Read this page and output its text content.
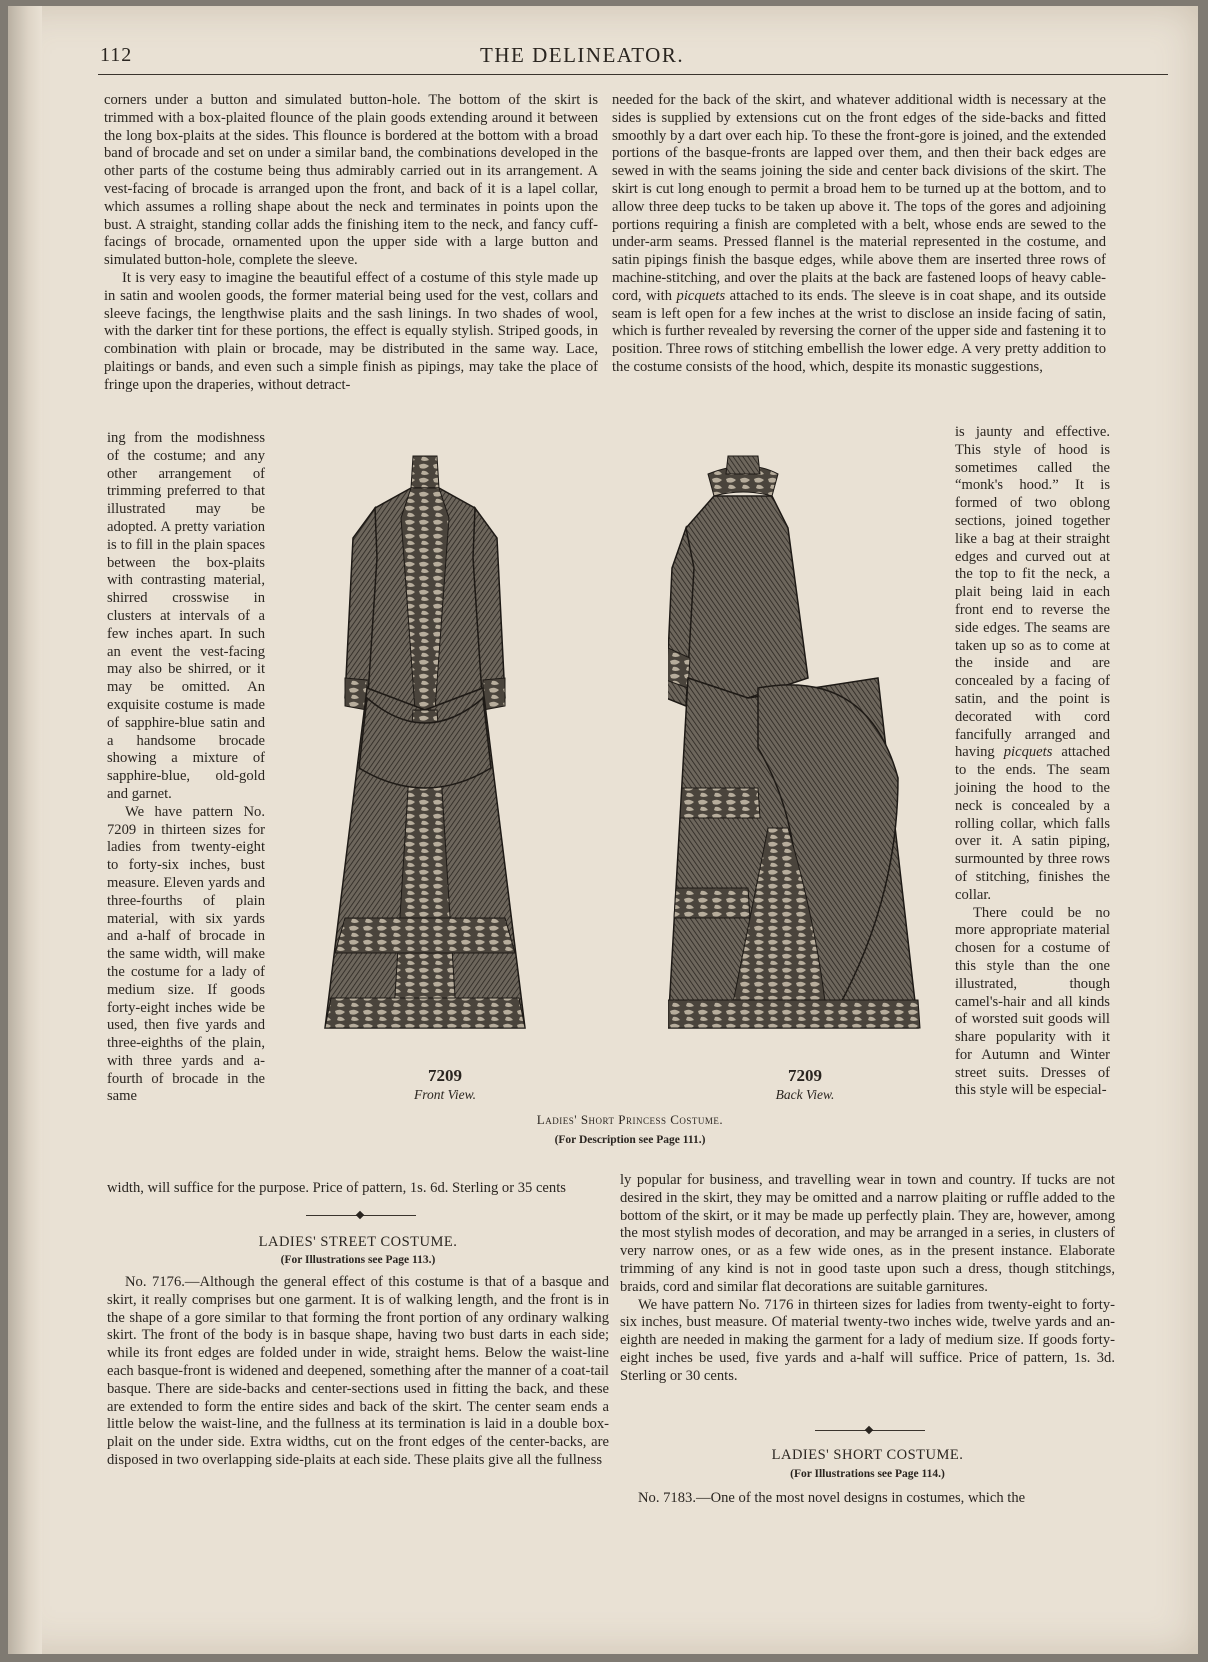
112	THE DELINEATOR.

corners under a button and simulated button-hole. The bottom of the skirt is trimmed with a box-plaited flounce of the plain goods extending around it between the long box-plaits at the sides. This flounce is bordered at the bottom with a broad band of brocade and set on under a similar band, the combinations developed in the other parts of the costume being thus admirably carried out in its arrangement. A vest-facing of brocade is arranged upon the front, and back of it is a lapel collar, which assumes a rolling shape about the neck and terminates in points upon the bust. A straight, standing collar adds the finishing item to the neck, and fancy cuff-facings of brocade, ornamented upon the upper side with a large button and simulated button-hole, complete the sleeve.

It is very easy to imagine the beautiful effect of a costume of this style made up in satin and woolen goods, the former material being used for the vest, collars and sleeve facings, the lengthwise plaits and the sash linings. In two shades of wool, with the darker tint for these portions, the effect is equally stylish. Striped goods, in combination with plain or brocade, may be distributed in the same way. Lace, plaitings or bands, and even such a simple finish as pipings, may take the place of fringe upon the draperies, without detract-

ing from the modishness of the costume; and any other arrangement of trimming preferred to that illustrated may be adopted. A pretty variation is to fill in the plain spaces between the box-plaits with contrasting material, shirred crosswise in clusters at intervals of a few inches apart. In such an event the vest-facing may also be shirred, or it may be omitted. An exquisite costume is made of sapphire-blue satin and a handsome brocade showing a mixture of sapphire-blue, old-gold and garnet.

We have pattern No. 7209 in thirteen sizes for ladies from twenty-eight to forty-six inches, bust measure. Eleven yards and three-fourths of plain material, with six yards and a-half of brocade in the same width, will make the costume for a lady of medium size. If goods forty-eight inches wide be used, then five yards and three-eighths of the plain, with three yards and a-fourth of brocade in the same

width, will suffice for the purpose. Price of pattern, 1s. 6d. Sterling or 35 cents

needed for the back of the skirt, and whatever additional width is necessary at the sides is supplied by extensions cut on the front edges of the side-backs and fitted smoothly by a dart over each hip. To these the front-gore is joined, and the extended portions of the basque-fronts are lapped over them, and then their back edges are sewed in with the seams joining the side and center back divisions of the skirt. The skirt is cut long enough to permit a broad hem to be turned up at the bottom, and to allow three deep tucks to be taken up above it. The tops of the gores and adjoining portions requiring a finish are completed with a belt, whose ends are sewed to the under-arm seams. Pressed flannel is the material represented in the costume, and satin pipings finish the basque edges, while above them are inserted three rows of machine-stitching, and over the plaits at the back are fastened loops of heavy cable-cord, with picquets attached to its ends. The sleeve is in coat shape, and its outside seam is left open for a few inches at the wrist to disclose an inside facing of satin, which is further revealed by reversing the corner of the upper side and fastening it to position. Three rows of stitching embellish the lower edge. A very pretty addition to the costume consists of the hood, which, despite its monastic suggestions,

is jaunty and effective. This style of hood is sometimes called the “monk's hood.” It is formed of two oblong sections, joined together like a bag at their straight edges and curved out at the top to fit the neck, a plait being laid in each front end to reverse the side edges. The seams are taken up so as to come at the inside and are concealed by a facing of satin, and the point is decorated with cord fancifully arranged and having picquets attached to the ends. The seam joining the hood to the neck is concealed by a rolling collar, which falls over it. A satin piping, surmounted by three rows of stitching, finishes the collar.

There could be no more appropriate material chosen for a costume of this style than the one illustrated, though camel's-hair and all kinds of worsted suit goods will share popularity with it for Autumn and Winter street suits. Dresses of this style will be especial-

ly popular for business, and travelling wear in town and country. If tucks are not desired in the skirt, they may be omitted and a narrow plaiting or ruffle added to the bottom of the skirt, or it may be made up perfectly plain. They are, however, among the most stylish modes of decoration, and may be arranged in a series, in clusters of very narrow ones, or as a few wide ones, as in the present instance. Elaborate trimming of any kind is not in good taste upon such a dress, though stitchings, braids, cord and similar flat decorations are suitable garnitures.

We have pattern No. 7176 in thirteen sizes for ladies from twenty-eight to forty-six inches, bust measure. Of material twenty-two inches wide, twelve yards and an-eighth are needed in making the garment for a lady of medium size. If goods forty-eight inches be used, five yards and a-half will suffice. Price of pattern, 1s. 3d. Sterling or 30 cents.

LADIES' STREET COSTUME.
(For Illustrations see Page 113.)

No. 7176.—Although the general effect of this costume is that of a basque and skirt, it really comprises but one garment. It is of walking length, and the front is in the shape of a gore similar to that forming the front portion of any ordinary walking skirt. The front of the body is in basque shape, having two bust darts in each side; while its front edges are folded under in wide, straight hems. Below the waist-line each basque-front is widened and deepened, something after the manner of a coat-tail basque. There are side-backs and center-sections used in fitting the back, and these are extended to form the entire sides and back of the skirt. The center seam ends a little below the waist-line, and the fullness at its termination is laid in a double box-plait on the under side. Extra widths, cut on the front edges of the center-backs, are disposed in two overlapping side-plaits at each side. These plaits give all the fullness	LADIES' SHORT COSTUME.
(For Illustrations see Page 114.)

No. 7183.—One of the most novel designs in costumes, which the

7209
Front View.
7209
Back View.
Ladies' Short Princess Costume.
(For Description see Page 111.)
